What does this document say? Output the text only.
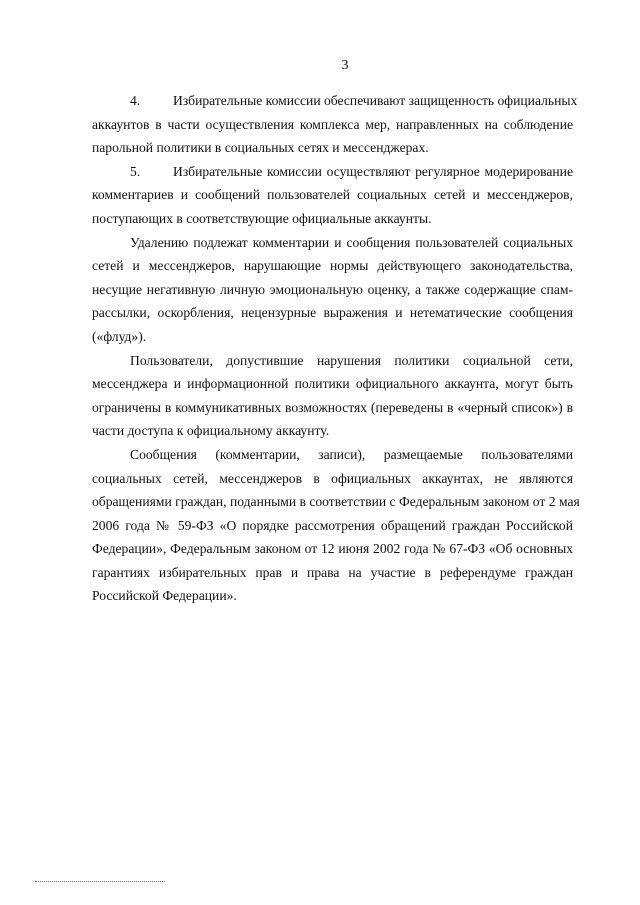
3
4. Избирательные комиссии обеспечивают защищенность официальных
аккаунтов в части осуществления комплекса мер, направленных на соблюдение
парольной политики в социальных сетях и мессенджерах.
5. Избирательные комиссии осуществляют регулярное модерирование
комментариев и сообщений пользователей социальных сетей и мессенджеров,
поступающих в соответствующие официальные аккаунты.
Удалению подлежат комментарии и сообщения пользователей социальных
сетей и мессенджеров, нарушающие нормы действующего законодательства,
несущие негативную личную эмоциональную оценку, а также содержащие спам-
рассылки, оскорбления, нецензурные выражения и нетематические сообщения
(«флуд»).
Пользователи, допустившие нарушения политики социальной сети,
мессенджера и информационной политики официального аккаунта, могут быть
ограничены в коммуникативных возможностях (переведены в «черный список») в
части доступа к официальному аккаунту.
Сообщения (комментарии, записи), размещаемые пользователями
социальных сетей, мессенджеров в официальных аккаунтах, не являются
обращениями граждан, поданными в соответствии с Федеральным законом от 2 мая
2006 года № 59-ФЗ «О порядке рассмотрения обращений граждан Российской
Федерации», Федеральным законом от 12 июня 2002 года № 67-ФЗ «Об основных
гарантиях избирательных прав и права на участие в референдуме граждан
Российской Федерации».
